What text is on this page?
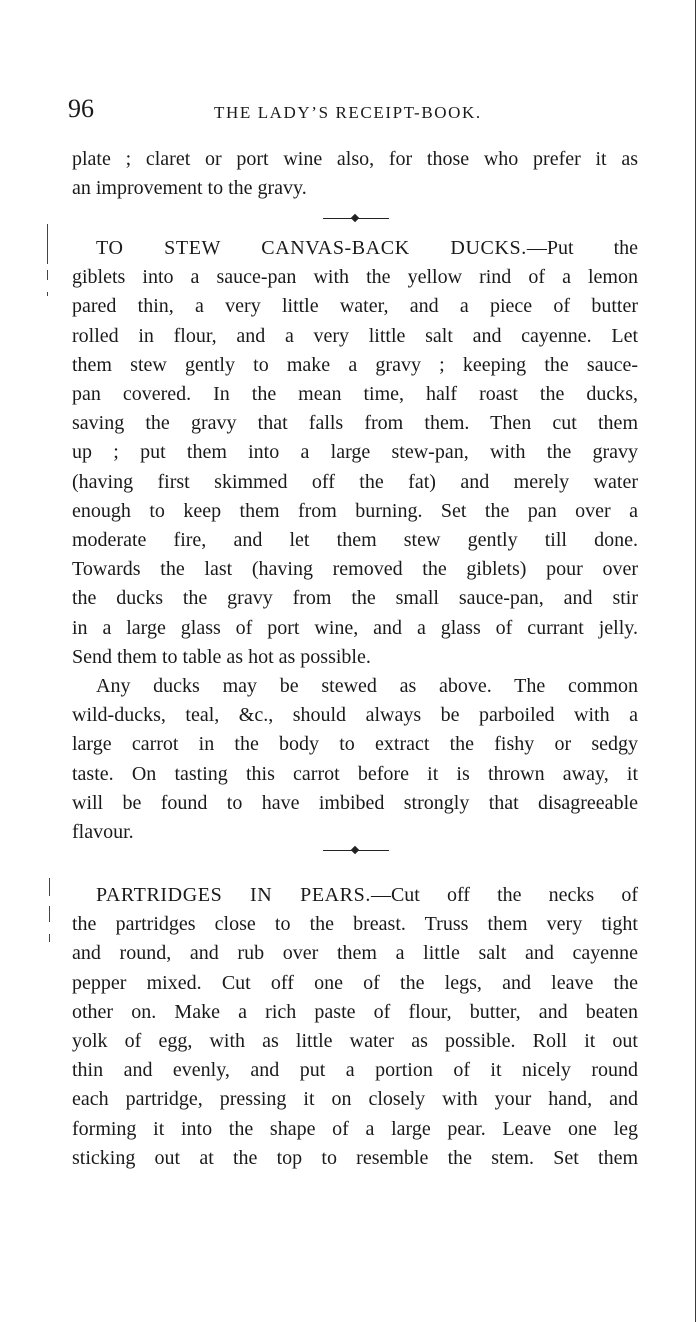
96	THE LADY’S RECEIPT-BOOK.
plate ; claret or port wine also, for those who prefer it as
an improvement to the gravy.
TO STEW CANVAS-BACK DUCKS.—Put the
giblets into a sauce-pan with the yellow rind of a lemon
pared thin, a very little water, and a piece of butter
rolled in flour, and a very little salt and cayenne. Let
them stew gently to make a gravy ; keeping the sauce-
pan covered. In the mean time, half roast the ducks,
saving the gravy that falls from them. Then cut them
up ; put them into a large stew-pan, with the gravy
(having first skimmed off the fat) and merely water
enough to keep them from burning. Set the pan over a
moderate fire, and let them stew gently till done.
Towards the last (having removed the giblets) pour over
the ducks the gravy from the small sauce-pan, and stir
in a large glass of port wine, and a glass of currant jelly.
Send them to table as hot as possible.
Any ducks may be stewed as above. The common
wild-ducks, teal, &c., should always be parboiled with a
large carrot in the body to extract the fishy or sedgy
taste. On tasting this carrot before it is thrown away, it
will be found to have imbibed strongly that disagreeable
flavour.
PARTRIDGES IN PEARS.—Cut off the necks of
the partridges close to the breast. Truss them very tight
and round, and rub over them a little salt and cayenne
pepper mixed. Cut off one of the legs, and leave the
other on. Make a rich paste of flour, butter, and beaten
yolk of egg, with as little water as possible. Roll it out
thin and evenly, and put a portion of it nicely round
each partridge, pressing it on closely with your hand, and
forming it into the shape of a large pear. Leave one leg
sticking out at the top to resemble the stem. Set them
